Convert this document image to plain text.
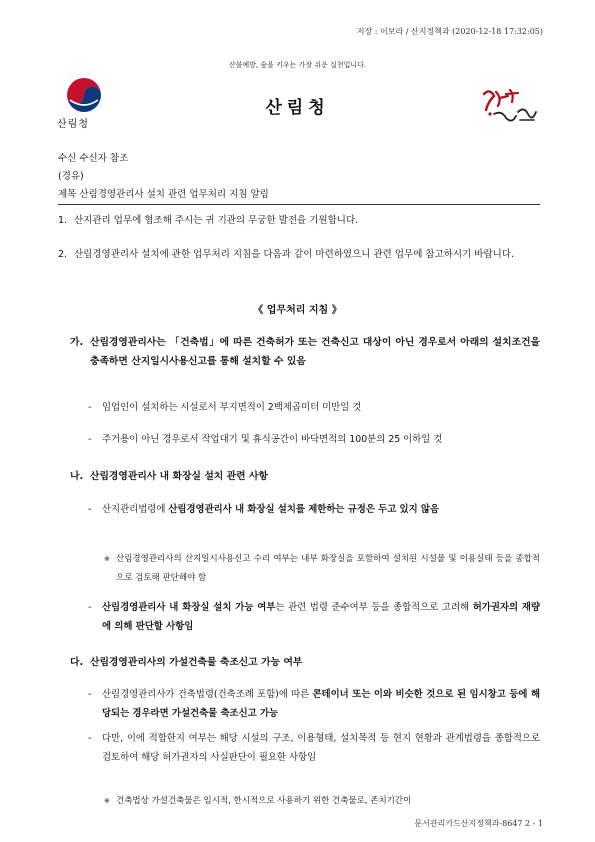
저장 : 이보라 / 산지정책과 (2020-12-18 17:32:05)
산불예방, 숲을 키우는 가장 쉬운 실천입니다.
산림청
산림청
수신 수신자 참조
(경유)
제목 산림경영관리사 설치 관련 업무처리 지침 알림
1. 산지관리 업무에 협조해 주시는 귀 기관의 무궁한 발전을 기원합니다.
2. 산림경영관리사 설치에 관한 업무처리 지침을 다음과 같이 마련하였으니 관련 업무에 참고하시기 바랍니다.
《 업무처리 지침 》
가. 산림경영관리사는 「건축법」에 따른 건축허가 또는 건축신고 대상이 아닌 경우로서 아래의 설치조건을 충족하면 산지일시사용신고를 통해 설치할 수 있음
- 임업인이 설치하는 시설로서 부지면적이 2백제곱미터 미만일 것
- 주거용이 아닌 경우로서 작업대기 및 휴식공간이 바닥면적의 100분의 25 이하일 것
나. 산림경영관리사 내 화장실 설치 관련 사항
- 산지관리법령에 산림경영관리사 내 화장실 설치를 제한하는 규정은 두고 있지 않음
※ 산림경영관리사의 산지일시사용신고 수리 여부는 내부 화장실을 포함하여 설치된 시설물 및 이용실태 등을 종합적으로 검토해 판단해야 함
- 산림경영관리사 내 화장실 설치 가능 여부는 관련 법령 준수여부 등을 종합적으로 고려해 허가권자의 재량에 의해 판단할 사항임
다. 산림경영관리사의 가설건축물 축조신고 가능 여부
- 산림경영관리사가 건축법령(건축조례 포함)에 따른 콘테이너 또는 이와 비슷한 것으로 된 임시창고 등에 해당되는 경우라면 가설건축물 축조신고 가능
- 다만, 이에 적합한지 여부는 해당 시설의 구조, 이용형태, 설치목적 등 현지 현황과 관계법령을 종합적으로 검토하여 해당 허가권자의 사실판단이 필요한 사항임
※ 건축법상 가설건축물은 임시적, 한시적으로 사용하기 위한 건축물로, 존치기간이
문서관리카드산지정책과-8647 2 - 1
